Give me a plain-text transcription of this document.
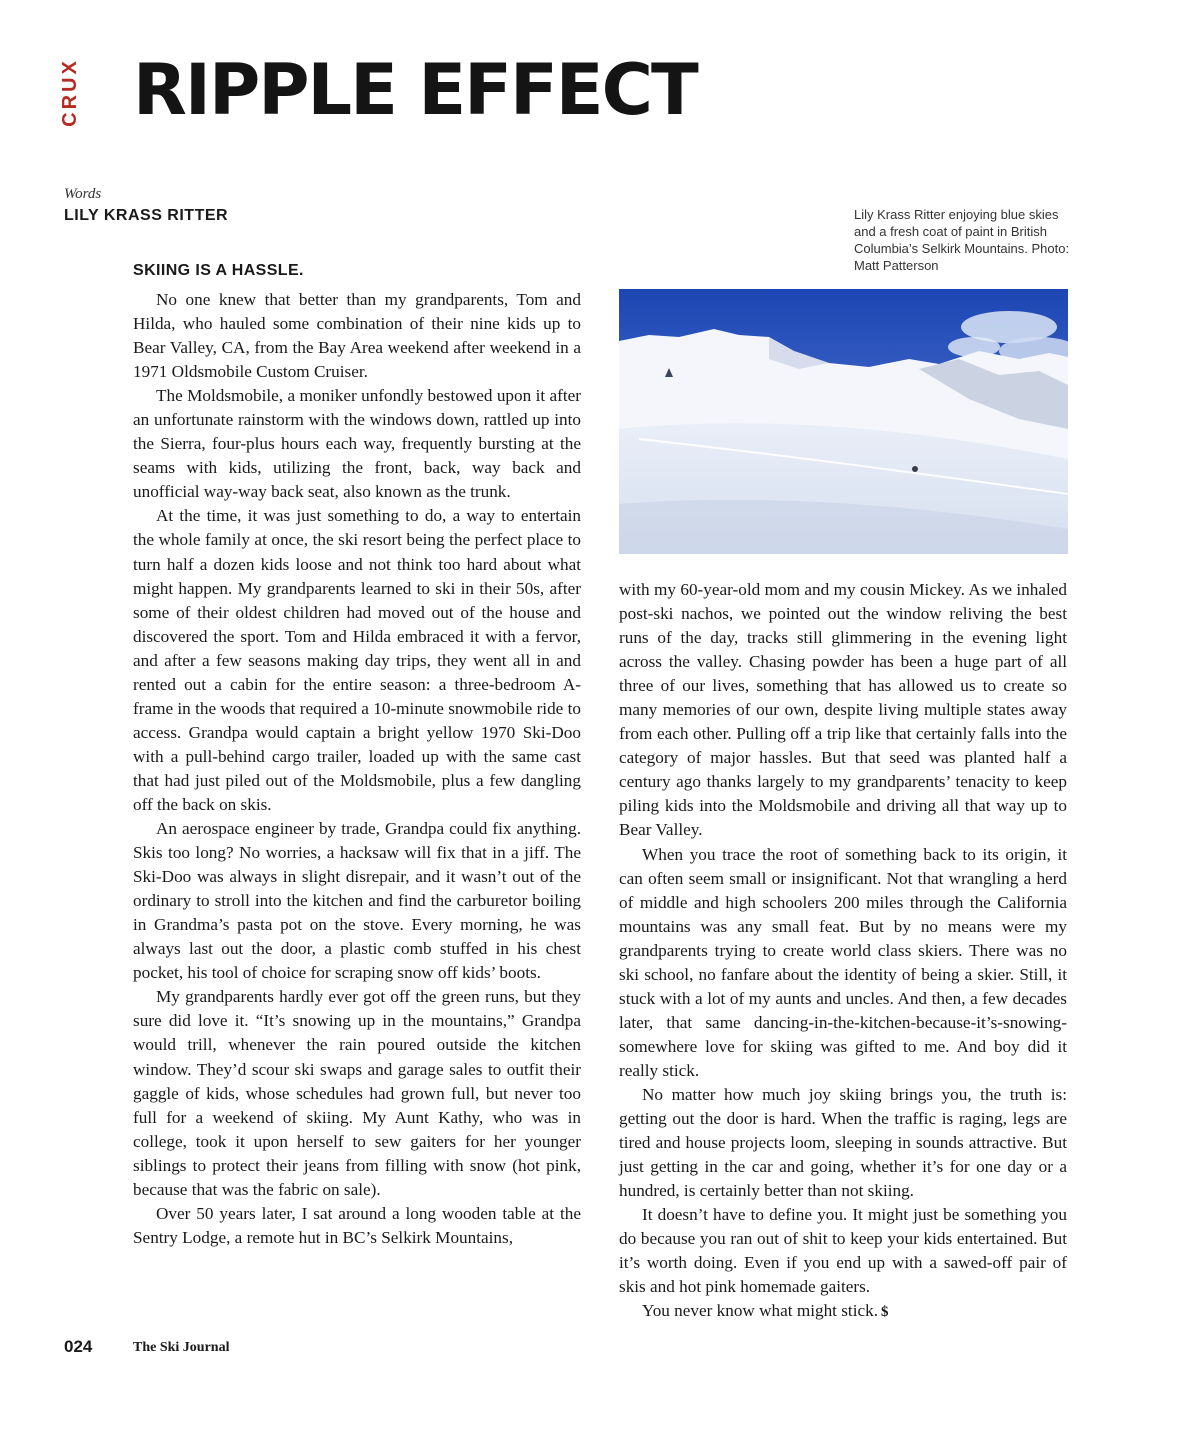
CRUX RIPPLE EFFECT
Words
LILY KRASS RITTER	Lily Krass Ritter enjoying blue skies and a fresh coat of paint in British Columbia’s Selkirk Mountains. Photo: Matt Patterson
SKIING IS A HASSLE.

No one knew that better than my grandparents, Tom and Hilda, who hauled some combination of their nine kids up to Bear Valley, CA, from the Bay Area weekend after weekend in a 1971 Oldsmobile Custom Cruiser.

The Moldsmobile, a moniker unfondly bestowed upon it after an unfortunate rainstorm with the windows down, rattled up into the Sierra, four-plus hours each way, frequently bursting at the seams with kids, utilizing the front, back, way back and unofficial way-way back seat, also known as the trunk.

At the time, it was just something to do, a way to entertain the whole family at once, the ski resort being the perfect place to turn half a dozen kids loose and not think too hard about what might happen. My grandparents learned to ski in their 50s, after some of their oldest children had moved out of the house and discovered the sport. Tom and Hilda embraced it with a fervor, and after a few seasons making day trips, they went all in and rented out a cabin for the entire season: a three-bedroom A-frame in the woods that required a 10-minute snowmobile ride to access. Grandpa would captain a bright yellow 1970 Ski-Doo with a pull-behind cargo trailer, loaded up with the same cast that had just piled out of the Moldsmobile, plus a few dangling off the back on skis.

An aerospace engineer by trade, Grandpa could fix anything. Skis too long? No worries, a hacksaw will fix that in a jiff. The Ski-Doo was always in slight disrepair, and it wasn’t out of the ordinary to stroll into the kitchen and find the carburetor boiling in Grandma’s pasta pot on the stove. Every morning, he was always last out the door, a plastic comb stuffed in his chest pocket, his tool of choice for scraping snow off kids’ boots.

My grandparents hardly ever got off the green runs, but they sure did love it. “It’s snowing up in the mountains,” Grandpa would trill, whenever the rain poured outside the kitchen window. They’d scour ski swaps and garage sales to outfit their gaggle of kids, whose schedules had grown full, but never too full for a weekend of skiing. My Aunt Kathy, who was in college, took it upon herself to sew gaiters for her younger siblings to protect their jeans from filling with snow (hot pink, because that was the fabric on sale).

Over 50 years later, I sat around a long wooden table at the Sentry Lodge, a remote hut in BC’s Selkirk Mountains,

with my 60-year-old mom and my cousin Mickey. As we inhaled post-ski nachos, we pointed out the window reliving the best runs of the day, tracks still glimmering in the evening light across the valley. Chasing powder has been a huge part of all three of our lives, something that has allowed us to create so many memories of our own, despite living multiple states away from each other. Pulling off a trip like that certainly falls into the category of major hassles. But that seed was planted half a century ago thanks largely to my grandparents’ tenacity to keep piling kids into the Moldsmobile and driving all that way up to Bear Valley.

When you trace the root of something back to its origin, it can often seem small or insignificant. Not that wrangling a herd of middle and high schoolers 200 miles through the California mountains was any small feat. But by no means were my grandparents trying to create world class skiers. There was no ski school, no fanfare about the identity of being a skier. Still, it stuck with a lot of my aunts and uncles. And then, a few decades later, that same dancing-in-the-kitchen-because-it’s-snowing-somewhere love for skiing was gifted to me. And boy did it really stick.

No matter how much joy skiing brings you, the truth is: getting out the door is hard. When the traffic is raging, legs are tired and house projects loom, sleeping in sounds attractive. But just getting in the car and going, whether it’s for one day or a hundred, is certainly better than not skiing.

It doesn’t have to define you. It might just be something you do because you ran out of shit to keep your kids entertained. But it’s worth doing. Even if you end up with a sawed-off pair of skis and hot pink homemade gaiters.

You never know what might stick. $

024	The Ski Journal
